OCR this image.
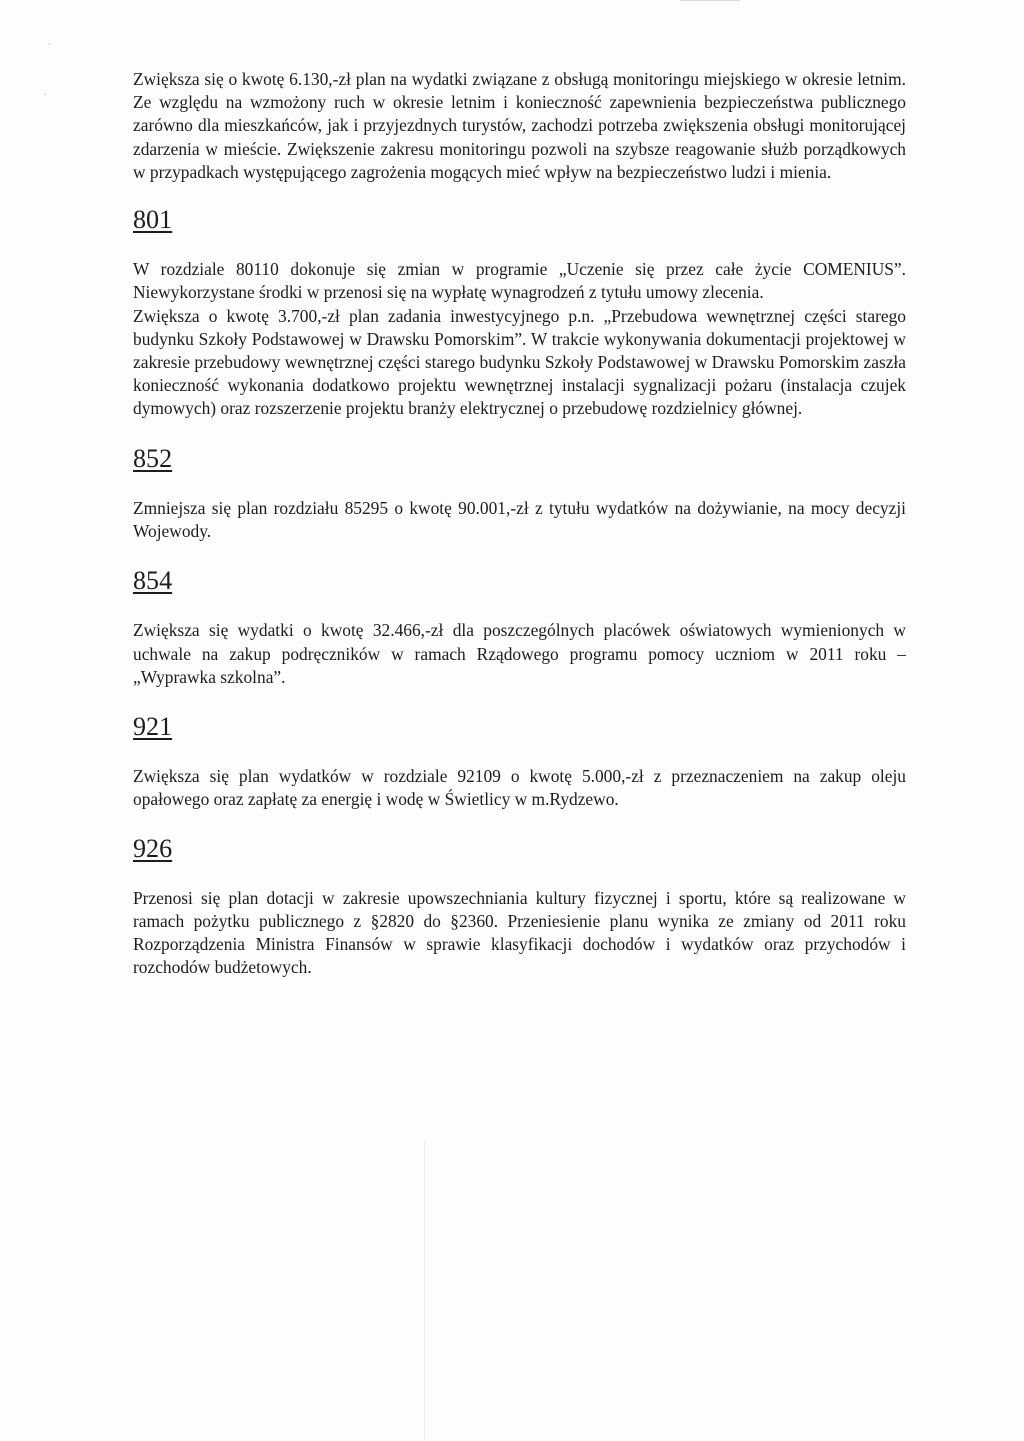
·
·

Zwiększa się o kwotę 6.130,-zł plan na wydatki związane z obsługą monitoringu miejskiego w okresie letnim. Ze względu na wzmożony ruch w okresie letnim i konieczność zapewnienia bezpieczeństwa publicznego zarówno dla mieszkańców, jak i przyjezdnych turystów, zachodzi potrzeba zwiększenia obsługi monitorującej zdarzenia w mieście. Zwiększenie zakresu monitoringu pozwoli na szybsze reagowanie służb porządkowych w przypadkach występującego zagrożenia mogących mieć wpływ na bezpieczeństwo ludzi i mienia.

801

W rozdziale 80110 dokonuje się zmian w programie „Uczenie się przez całe życie COMENIUS”. Niewykorzystane środki w przenosi się na wypłatę wynagrodzeń z tytułu umowy zlecenia.

Zwiększa o kwotę 3.700,-zł plan zadania inwestycyjnego p.n. „Przebudowa wewnętrznej części starego budynku Szkoły Podstawowej w Drawsku Pomorskim”. W trakcie wykonywania dokumentacji projektowej w zakresie przebudowy wewnętrznej części starego budynku Szkoły Podstawowej w Drawsku Pomorskim zaszła konieczność wykonania dodatkowo projektu wewnętrznej instalacji sygnalizacji pożaru (instalacja czujek dymowych) oraz rozszerzenie projektu branży elektrycznej o przebudowę rozdzielnicy głównej.

852

Zmniejsza się plan rozdziału 85295 o kwotę 90.001,-zł z tytułu wydatków na dożywianie, na mocy decyzji Wojewody.

854

Zwiększa się wydatki o kwotę 32.466,-zł dla poszczególnych placówek oświatowych wymienionych w uchwale na zakup podręczników w ramach Rządowego programu pomocy uczniom w 2011 roku – „Wyprawka szkolna”.

921

Zwiększa się plan wydatków w rozdziale 92109 o kwotę 5.000,-zł z przeznaczeniem na zakup oleju opałowego oraz zapłatę za energię i wodę w Świetlicy w m.Rydzewo.

926

Przenosi się plan dotacji w zakresie upowszechniania kultury fizycznej i sportu, które są realizowane w ramach pożytku publicznego z §2820 do §2360. Przeniesienie planu wynika ze zmiany od 2011 roku Rozporządzenia Ministra Finansów w sprawie klasyfikacji dochodów i wydatków oraz przychodów i rozchodów budżetowych.
